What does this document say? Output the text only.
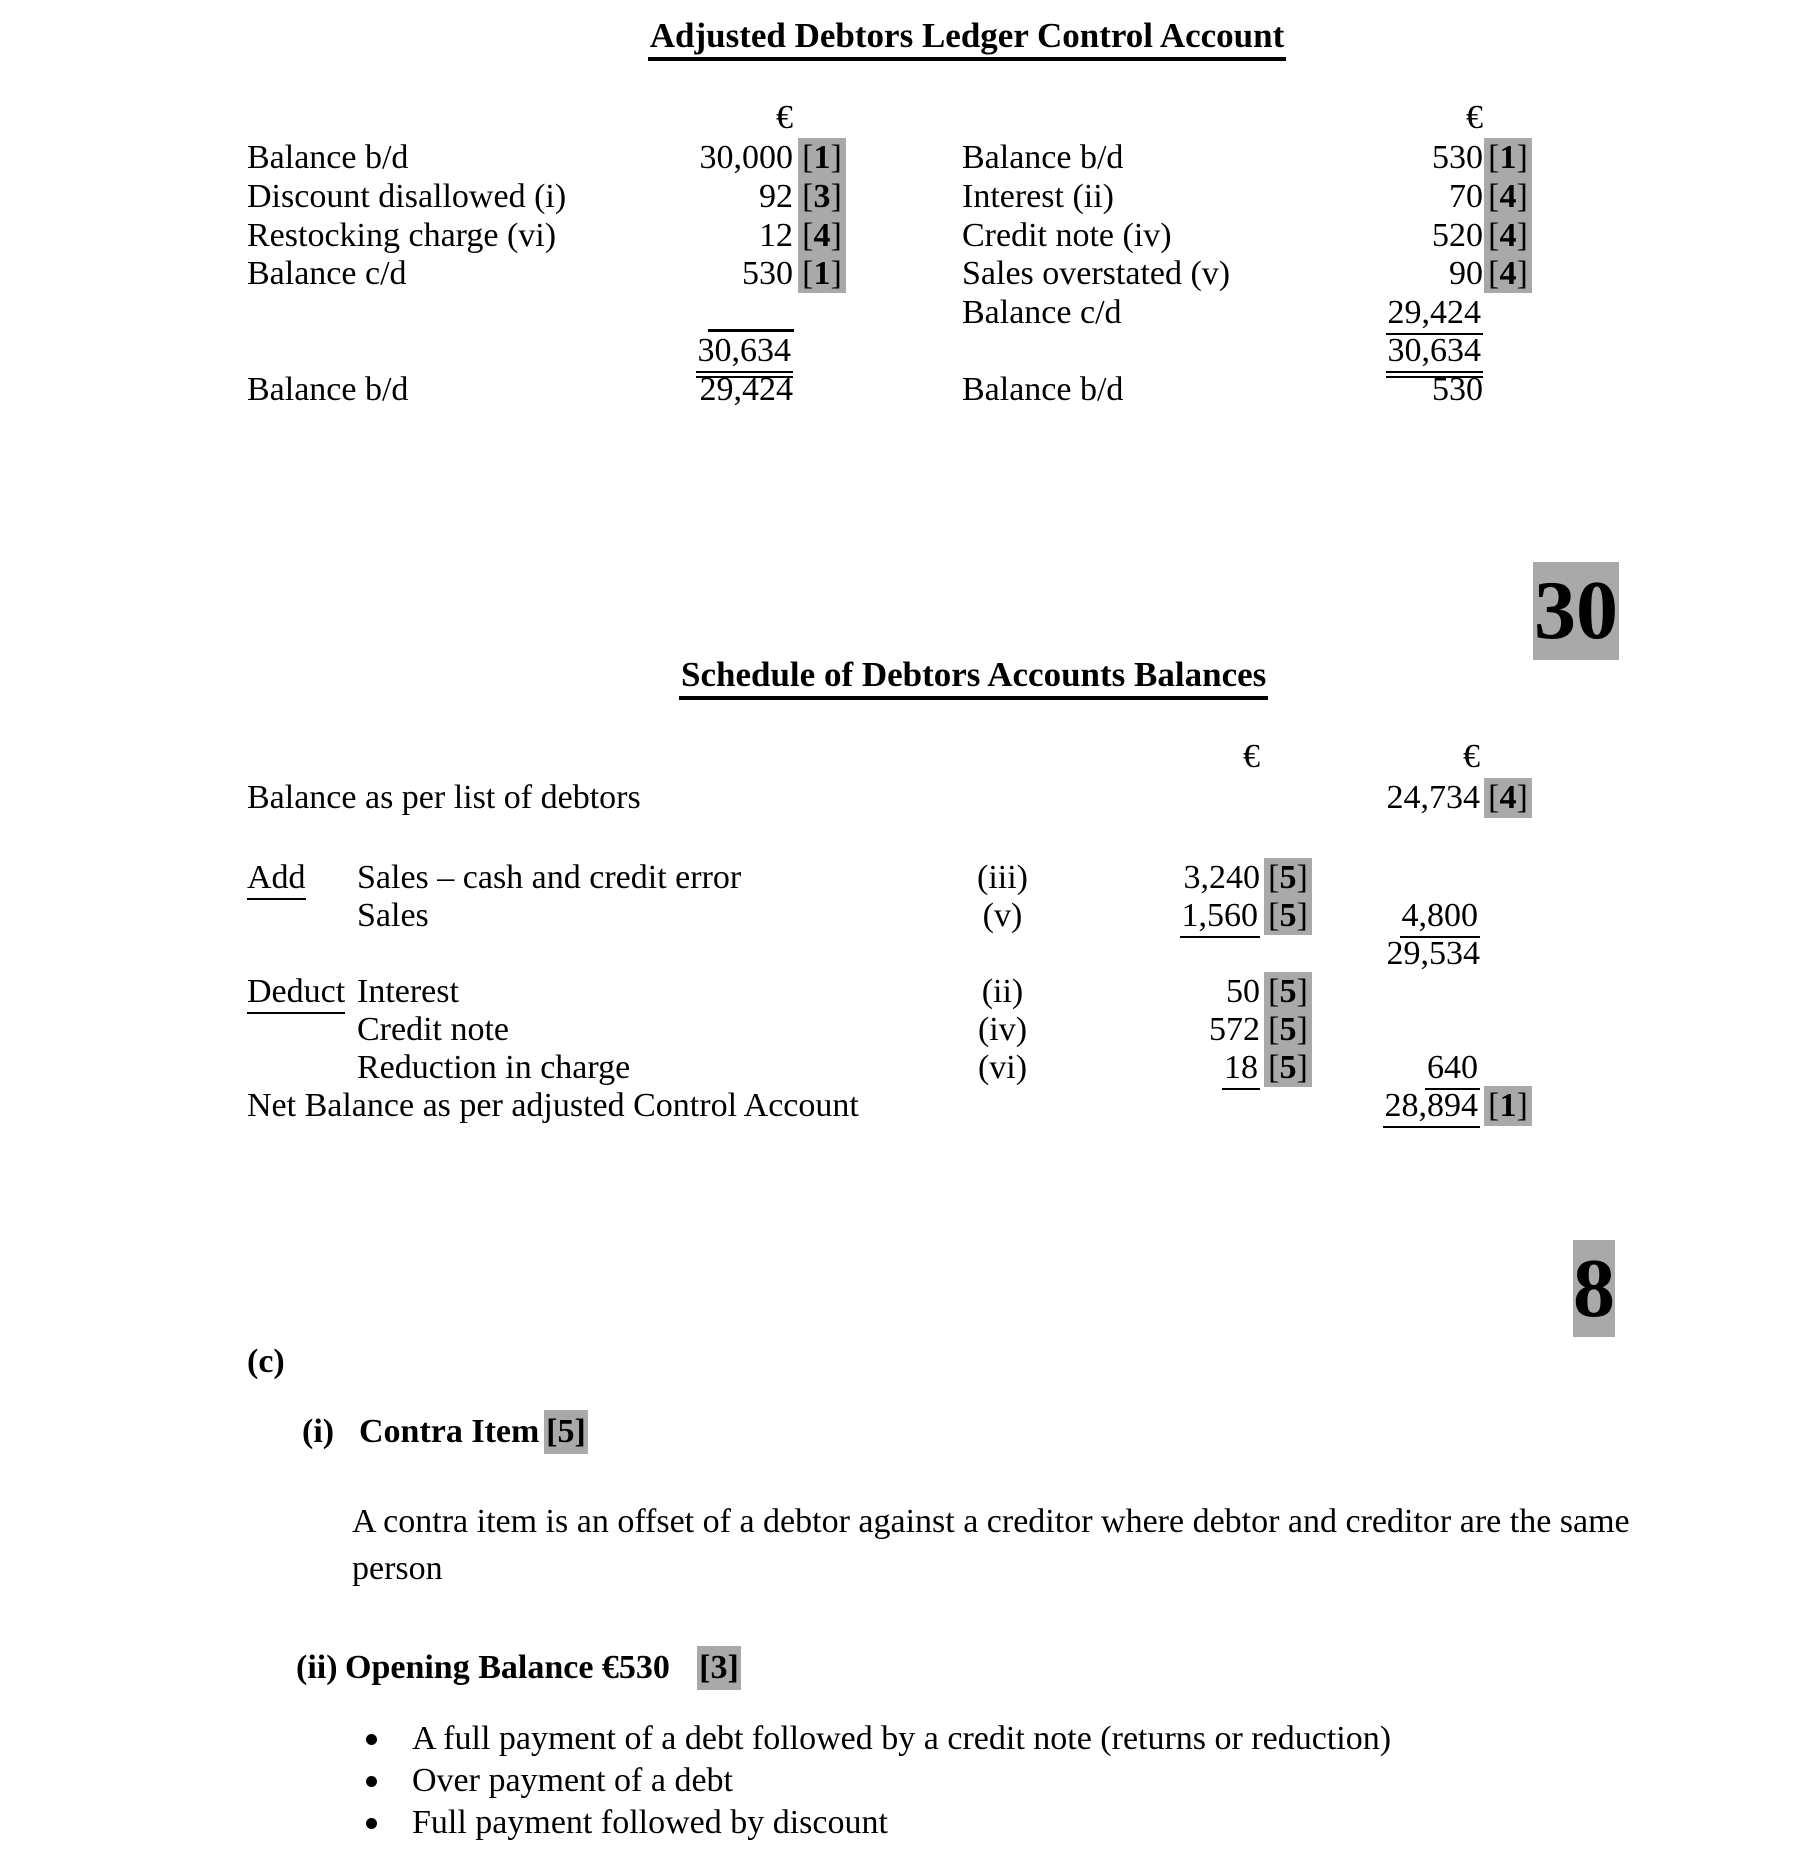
Adjusted Debtors Ledger Control Account
€	€
Balance b/d	30,000 [ 1 ]
Discount disallowed (i)	92 [ 3 ]
Restocking charge (vi)	12 [ 4 ]
Balance c/d	530 [ 1 ]
30,634
Balance b/d	29,424
Balance b/d	530 [ 1 ]
Interest (ii)	70 [ 4 ]
Credit note (iv)	520 [ 4 ]
Sales overstated (v)	90 [ 4 ]
Balance c/d	29,424
30,634
Balance b/d	530
30
Schedule of Debtors Accounts Balances
€	€
Balance as per list of debtors	24,734 [ 4 ]
Add	Sales – cash and credit error	(iii)	3,240 [ 5 ]
Sales	(v)	1,560 [ 5 ]	4,800
29,534
Deduct Interest	(ii)	50 [ 5 ]
Credit note	(iv)	572 [ 5 ]
Reduction in charge	(vi)	18 [ 5 ]	640
Net Balance as per adjusted Control Account	28,894 [ 1 ]
8
(c)
(i) Contra Item [ 5 ]
A contra item is an offset of a debtor against a creditor where debtor and creditor are the same
person
(ii) Opening Balance €530	[ 3 ]
A full payment of a debt followed by a credit note (returns or reduction)
Over payment of a debt
Full payment followed by discount
